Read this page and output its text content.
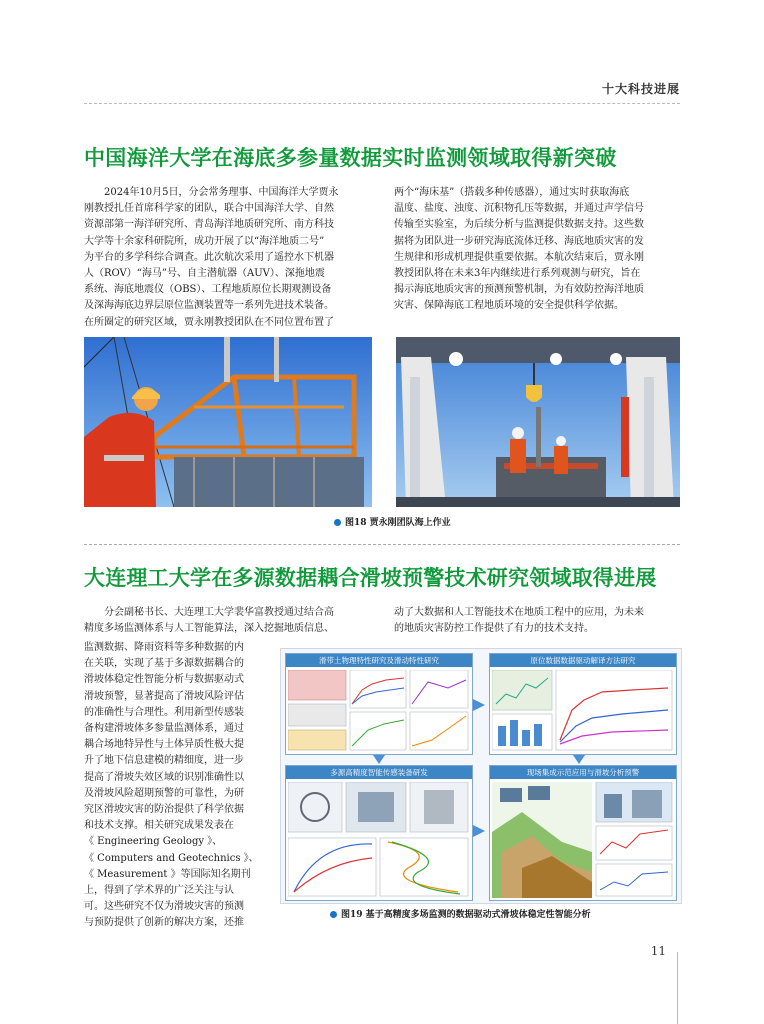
十大科技进展
中国海洋大学在海底多参量数据实时监测领域取得新突破

2024年10月5日，分会常务理事、中国海洋大学贾永

刚教授扎任首席科学家的团队，联合中国海洋大学、自然

资源部第一海洋研究所、青岛海洋地质研究所、南方科技

大学等十余家科研院所，成功开展了以“海洋地质二号”

为平台的多学科综合调查。此次航次采用了遥控水下机器

人（ROV）“海马”号、自主潜航器（AUV）、深拖地震

系统、海底地震仪（OBS）、工程地质原位长期观测设备

及深海海底边界层原位监测装置等一系列先进技术装备。

在所圈定的研究区域，贾永刚教授团队在不同位置布置了

两个“海床基”（搭载多种传感器），通过实时获取海底

温度、盐度、浊度、沉积物孔压等数据，并通过声学信号

传输至实验室，为后续分析与监测提供数据支持。这些数

据将为团队进一步研究海底流体迁移、海底地质灾害的发

生规律和形成机理提供重要依据。本航次结束后，贾永刚

教授团队将在未来3年内继续进行系列观测与研究，旨在

揭示海底地质灾害的预测预警机制，为有效防控海洋地质

灾害、保障海底工程地质环境的安全提供科学依据。

图18 贾永刚团队海上作业
大连理工大学在多源数据耦合滑坡预警技术研究领域取得进展

分会副秘书长、大连理工大学裴华富教授通过结合高

精度多场监测体系与人工智能算法，深入挖掘地质信息、

动了大数据和人工智能技术在地质工程中的应用，为未来

的地质灾害防控工作提供了有力的技术支持。

监测数据、降雨资料等多种数据的内

在关联，实现了基于多源数据耦合的

滑坡体稳定性智能分析与数据驱动式

滑坡预警，显著提高了滑坡风险评估

的准确性与合理性。利用新型传感装

备构建滑坡体多参量监测体系，通过

耦合场地特异性与土体异质性极大提

升了地下信息建模的精细度，进一步

提高了滑坡失效区域的识别准确性以

及滑坡风险超期预警的可靠性，为研

究区滑坡灾害的防治提供了科学依据

和技术支撑。相关研究成果发表在

《 Engineering Geology 》、

《 Computers and Geotechnics 》、

《 Measurement 》等国际知名期刊

上，得到了学术界的广泛关注与认

可。这些研究不仅为滑坡灾害的预测

与预防提供了创新的解决方案，还推

滑带土物理特性研究及滑动特性研究	原位数据数据驱动解译方法研究
多源高精度智能传感装备研发	现场集成示范应用与滑坡分析预警
图19 基于高精度多场监测的数据驱动式滑坡体稳定性智能分析
11
